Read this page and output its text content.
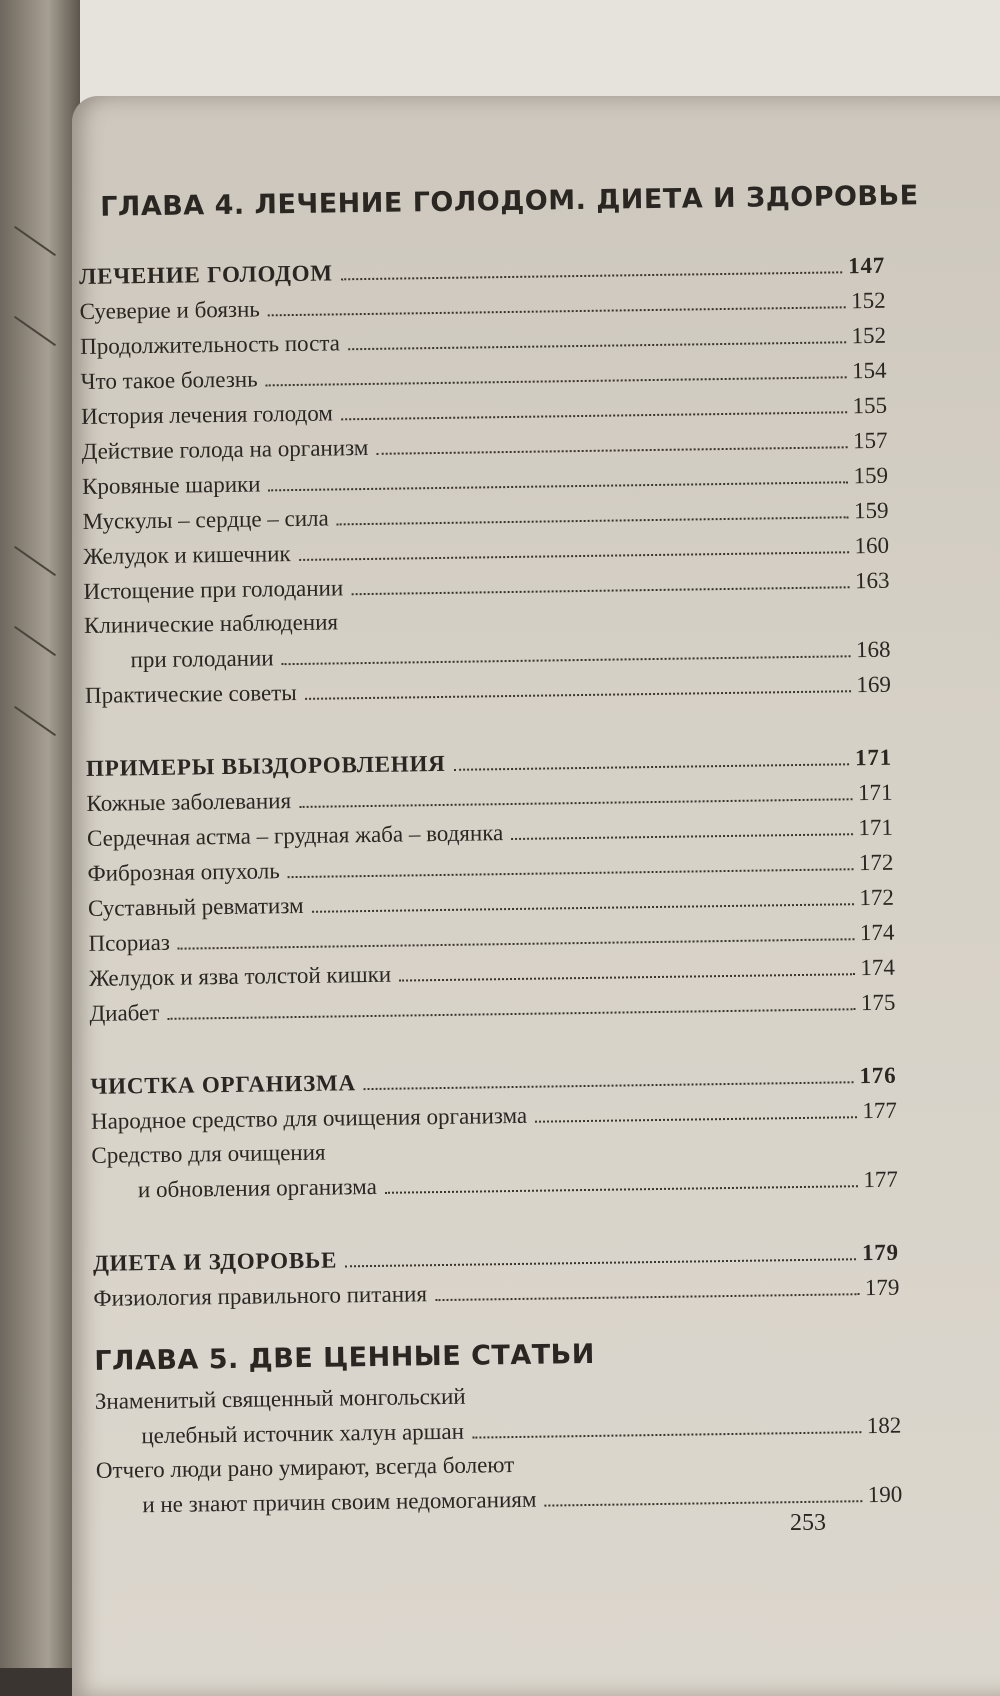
ГЛАВА 4. ЛЕЧЕНИЕ ГОЛОДОМ. ДИЕТА И ЗДОРОВЬЕ
ЛЕЧЕНИЕ ГОЛОДОМ	147
Суеверие и боязнь	152
Продолжительность поста	152
Что такое болезнь	154
История лечения голодом	155
Действие голода на организм	157
Кровяные шарики	159
Мускулы – сердце – сила	159
Желудок и кишечник	160
Истощение при голодании	163
Клинические наблюдения
при голодании	168
Практические советы	169
ПРИМЕРЫ ВЫЗДОРОВЛЕНИЯ	171
Кожные заболевания	171
Сердечная астма – грудная жаба – водянка	171
Фиброзная опухоль	172
Суставный ревматизм	172
Псориаз	174
Желудок и язва толстой кишки	174
Диабет	175
ЧИСТКА ОРГАНИЗМА	176
Народное средство для очищения организма	177
Средство для очищения
и обновления организма	177
ДИЕТА И ЗДОРОВЬЕ	179
Физиология правильного питания	179
ГЛАВА 5. ДВЕ ЦЕННЫЕ СТАТЬИ
Знаменитый священный монгольский
целебный источник халун аршан	182
Отчего люди рано умирают, всегда болеют
и не знают причин своим недомоганиям	190
253
